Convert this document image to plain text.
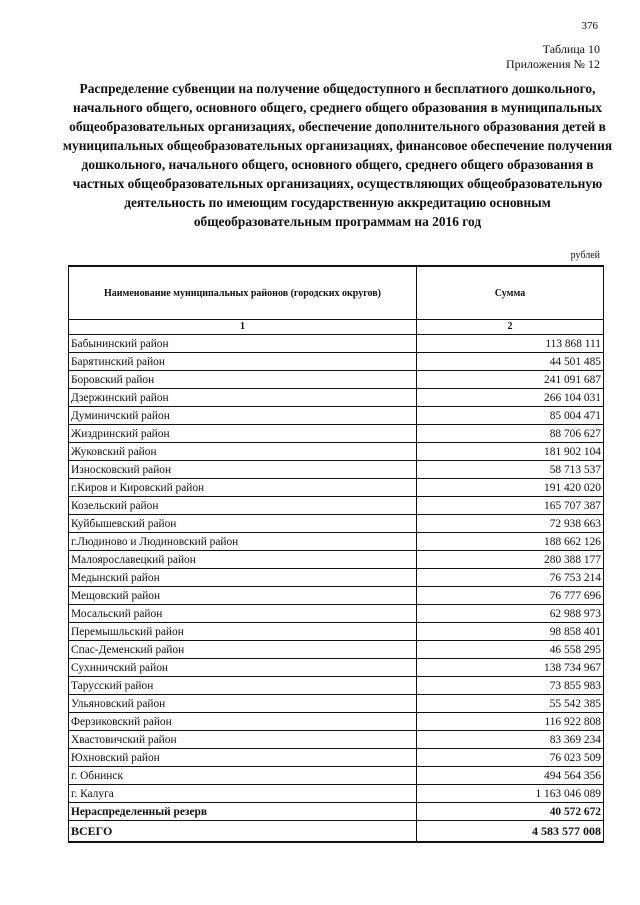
376
Таблица 10
Приложения № 12
Распределение субвенции на получение общедоступного и бесплатного дошкольного, начального общего, основного общего, среднего общего образования в муниципальных общеобразовательных организациях, обеспечение дополнительного образования детей в муниципальных общеобразовательных организациях, финансовое обеспечение получения дошкольного, начального общего, основного общего, среднего общего образования в частных общеобразовательных организациях, осуществляющих общеобразовательную деятельность по имеющим государственную аккредитацию основным общеобразовательным программам на 2016 год
рублей
Наименование муниципальных районов (городских округов)	Сумма
1	2
Бабынинский район	113 868 111
Барятинский район	44 501 485
Боровский район	241 091 687
Дзержинский район	266 104 031
Думиничский район	85 004 471
Жиздринский район	88 706 627
Жуковский район	181 902 104
Износковский район	58 713 537
г.Киров и Кировский район	191 420 020
Козельский район	165 707 387
Куйбышевский район	72 938 663
г.Людиново и Людиновский район	188 662 126
Малоярославецкий район	280 388 177
Медынский район	76 753 214
Мещовский район	76 777 696
Мосальский район	62 988 973
Перемышльский район	98 858 401
Спас-Деменский район	46 558 295
Сухиничский район	138 734 967
Тарусский район	73 855 983
Ульяновский район	55 542 385
Ферзиковский район	116 922 808
Хвастовичский район	83 369 234
Юхновский район	76 023 509
г. Обнинск	494 564 356
г. Калуга	1 163 046 089
Нераспределенный резерв	40 572 672
ВСЕГО	4 583 577 008
